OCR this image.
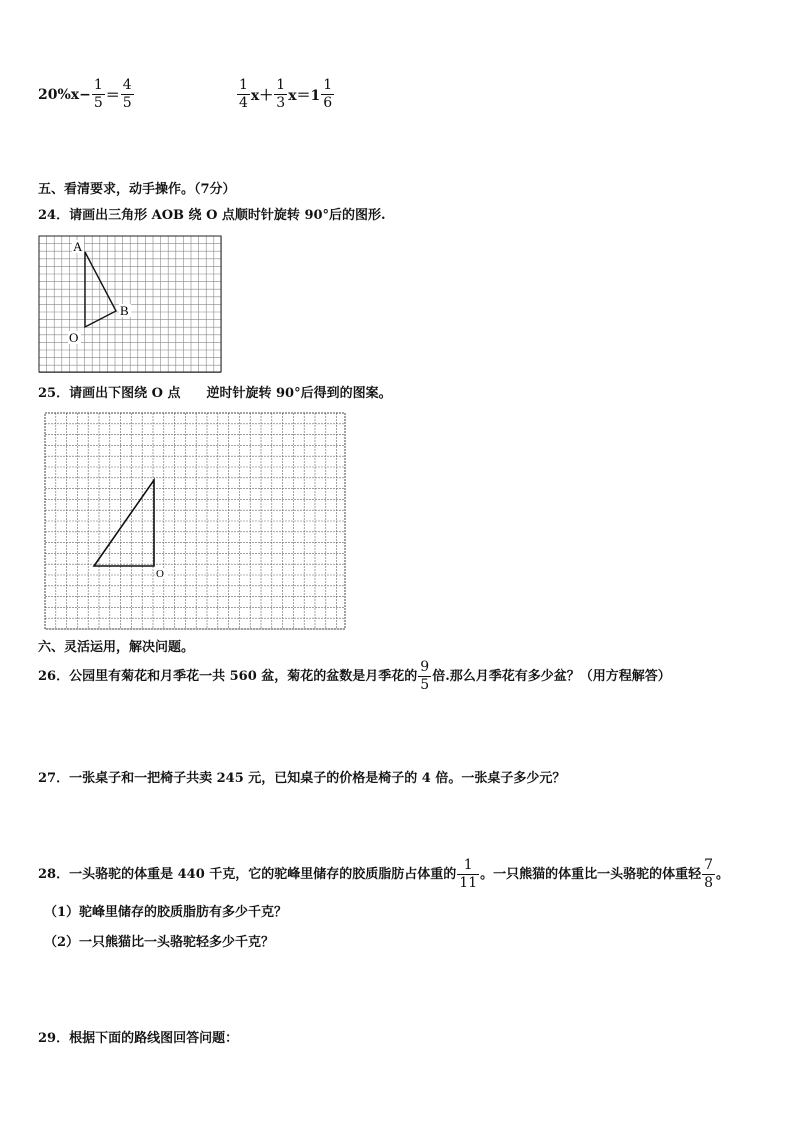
$20\%x- \frac{1}{5} = \frac{4}{5}$	$\frac{1}{4} x+ \frac{1}{3} x=1 \frac{1}{6}$
五、看清要求，动手操作。（7分）
24．请画出三角形 AOB 绕 O 点顺时针旋转 90°后的图形.
A
B
O
25．请画出下图绕 O 点　　逆时针旋转 90°后得到的图案。
O
六、灵活运用，解决问题。
26．公园里有菊花和月季花一共 560 盆，菊花的盆数是月季花的 $\frac{9}{5}$ 倍.那么月季花有多少盆？（用方程解答）
27．一张桌子和一把椅子共卖 245 元，已知桌子的价格是椅子的 4 倍。一张桌子多少元？
28．一头骆驼的体重是 440 千克，它的驼峰里储存的胶质脂肪占体重的 $\frac{1}{11}$ 。一只熊猫的体重比一头骆驼的体重轻 $\frac{7}{8}$ 。
（1）驼峰里储存的胶质脂肪有多少千克？
（2）一只熊猫比一头骆驼轻多少千克？
29．根据下面的路线图回答问题：
